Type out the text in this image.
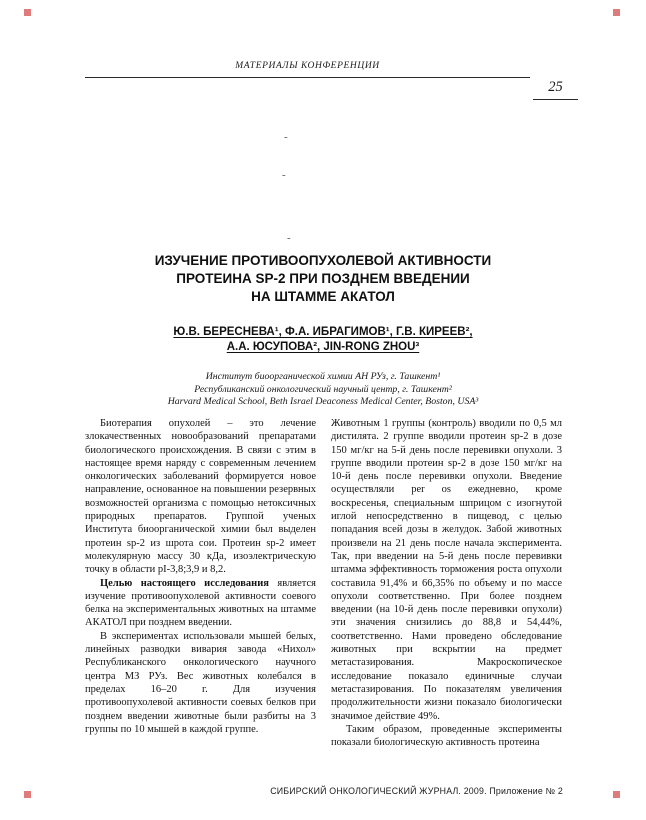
МАТЕРИАЛЫ КОНФЕРЕНЦИИ
25
-
-
-
ИЗУЧЕНИЕ ПРОТИВООПУХОЛЕВОЙ АКТИВНОСТИ
ПРОТЕИНА SP-2 ПРИ ПОЗДНЕМ ВВЕДЕНИИ
НА ШТАММЕ АКАТОЛ
Ю.В. БЕРЕСНЕВА¹, Ф.А. ИБРАГИМОВ¹, Г.В. КИРЕЕВ²,
А.А. ЮСУПОВА², JIN-RONG ZHOU³
Институт биоорганической химии АН РУз, г. Ташкент¹
Республиканский онкологический научный центр, г. Ташкент²
Harvard Medical School, Beth Israel Deaconess Medical Center, Boston, USA³

Биотерапия опухолей – это лечение злокачественных новообразований препаратами биологического происхождения. В связи с этим в настоящее время наряду с современным лечением онкологических заболеваний формируется новое направление, основанное на повышении резервных возможностей организма с помощью нетоксичных природных препаратов. Группой ученых Института биоорганической химии был выделен протеин sp-2 из шрота сои. Протеин sp-2 имеет молекулярную массу 30 кДа, изоэлектрическую точку в области pI-3,8;3,9 и 8,2.

Целью настоящего исследования является изучение противоопухолевой активности соевого белка на экспериментальных животных на штамме АКАТОЛ при позднем введении.

В экспериментах использовали мышей белых, линейных разводки вивария завода «Нихол» Республиканского онкологического научного центра МЗ РУз. Вес животных колебался в пределах 16–20 г. Для изучения противоопухолевой активности соевых белков при позднем введении животные были разбиты на 3 группы по 10 мышей в каждой группе.

Животным 1 группы (контроль) вводили по 0,5 мл дистилята. 2 группе вводили протеин sp-2 в дозе 150 мг/кг на 5-й день после перевивки опухоли. 3 группе вводили протеин sp-2 в дозе 150 мг/кг на 10-й день после перевивки опухоли. Введение осуществляли per os ежедневно, кроме воскресенья, специальным шприцом с изогнутой иглой непосредственно в пищевод, с целью попадания всей дозы в желудок. Забой животных произвели на 21 день после начала эксперимента. Так, при введении на 5-й день после перевивки штамма эффективность торможения роста опухоли составила 91,4% и 66,35% по объему и по массе опухоли соответственно. При более позднем введении (на 10-й день после перевивки опухоли) эти значения снизились до 88,8 и 54,44%, соответственно. Нами проведено обследование животных при вскрытии на предмет метастазирования. Макроскопическое исследование показало единичные случаи метастазирования. По показателям увеличения продолжительности жизни показало биологически значимое действие 49%.

Таким образом, проведенные эксперименты показали биологическую активность протеина

СИБИРСКИЙ ОНКОЛОГИЧЕСКИЙ ЖУРНАЛ. 2009. Приложение № 2
